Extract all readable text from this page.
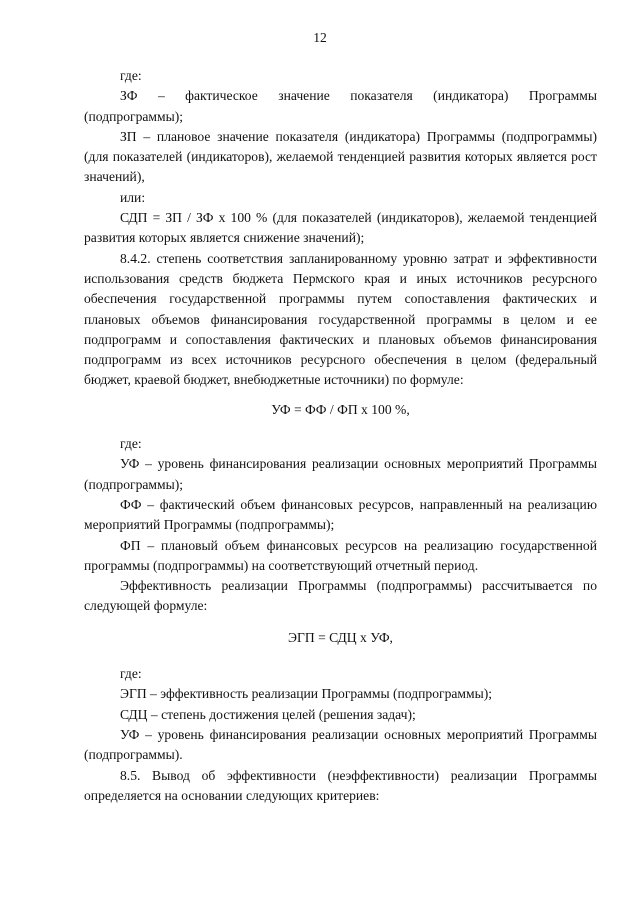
12

где:

ЗФ – фактическое значение показателя (индикатора) Программы (подпрограммы);

ЗП – плановое значение показателя (индикатора) Программы (подпрограммы) (для показателей (индикаторов), желаемой тенденцией развития которых является рост значений),

или:

СДП = ЗП / ЗФ х 100 % (для показателей (индикаторов), желаемой тенденцией развития которых является снижение значений);

8.4.2. степень соответствия запланированному уровню затрат и эффективности использования средств бюджета Пермского края и иных источников ресурсного обеспечения государственной программы путем сопоставления фактических и плановых объемов финансирования государственной программы в целом и ее подпрограмм и сопоставления фактических и плановых объемов финансирования подпрограмм из всех источников ресурсного обеспечения в целом (федеральный бюджет, краевой бюджет, внебюджетные источники) по формуле:

УФ = ФФ / ФП х 100 %,

где:

УФ – уровень финансирования реализации основных мероприятий Программы (подпрограммы);

ФФ – фактический объем финансовых ресурсов, направленный на реализацию мероприятий Программы (подпрограммы);

ФП – плановый объем финансовых ресурсов на реализацию государственной программы (подпрограммы) на соответствующий отчетный период.

Эффективность реализации Программы (подпрограммы) рассчитывается по следующей формуле:

ЭГП = СДЦ х УФ,

где:

ЭГП – эффективность реализации Программы (подпрограммы);

СДЦ – степень достижения целей (решения задач);

УФ – уровень финансирования реализации основных мероприятий Программы (подпрограммы).

8.5. Вывод об эффективности (неэффективности) реализации Программы определяется на основании следующих критериев:
